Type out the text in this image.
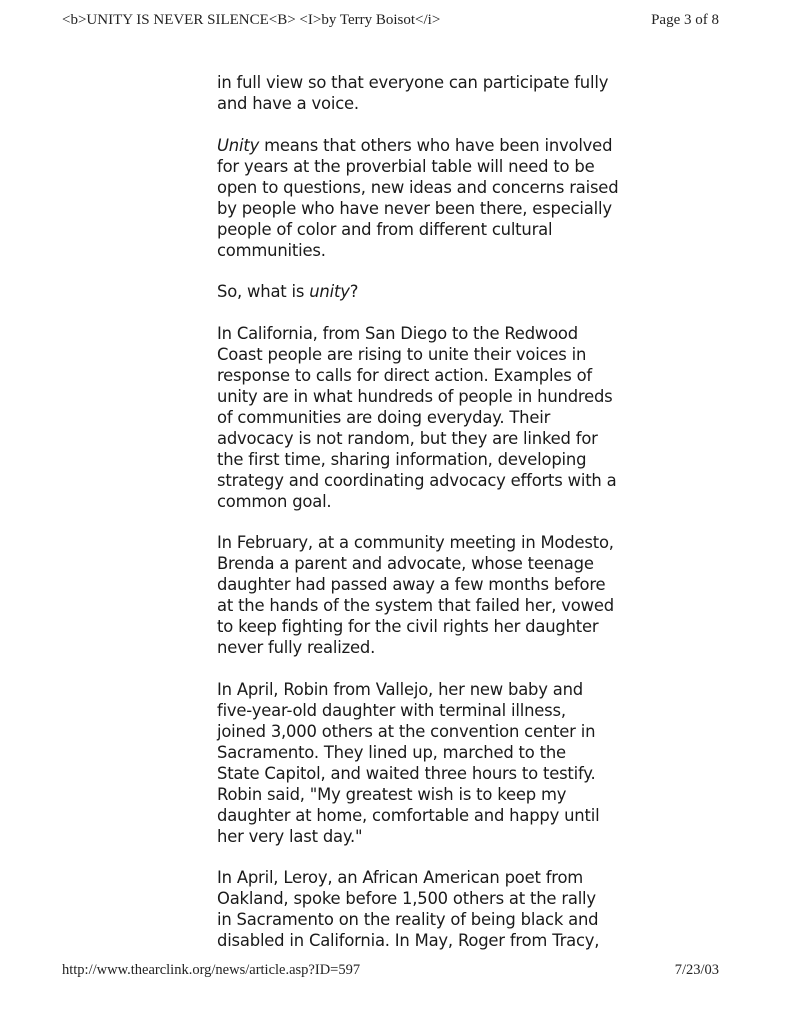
<b>UNITY IS NEVER SILENCE<B> <I>by Terry Boisot</i>	Page 3 of 8

in full view so that everyone can participate fully
and have a voice.

Unity means that others who have been involved
for years at the proverbial table will need to be
open to questions, new ideas and concerns raised
by people who have never been there, especially
people of color and from different cultural
communities.

So, what is unity?

In California, from San Diego to the Redwood
Coast people are rising to unite their voices in
response to calls for direct action. Examples of
unity are in what hundreds of people in hundreds
of communities are doing everyday. Their
advocacy is not random, but they are linked for
the first time, sharing information, developing
strategy and coordinating advocacy efforts with a
common goal.

In February, at a community meeting in Modesto,
Brenda a parent and advocate, whose teenage
daughter had passed away a few months before
at the hands of the system that failed her, vowed
to keep fighting for the civil rights her daughter
never fully realized.

In April, Robin from Vallejo, her new baby and
five-year-old daughter with terminal illness,
joined 3,000 others at the convention center in
Sacramento. They lined up, marched to the
State Capitol, and waited three hours to testify.
Robin said, "My greatest wish is to keep my
daughter at home, comfortable and happy until
her very last day."

In April, Leroy, an African American poet from
Oakland, spoke before 1,500 others at the rally
in Sacramento on the reality of being black and
disabled in California. In May, Roger from Tracy,

http://www.thearclink.org/news/article.asp?ID=597	7/23/03
